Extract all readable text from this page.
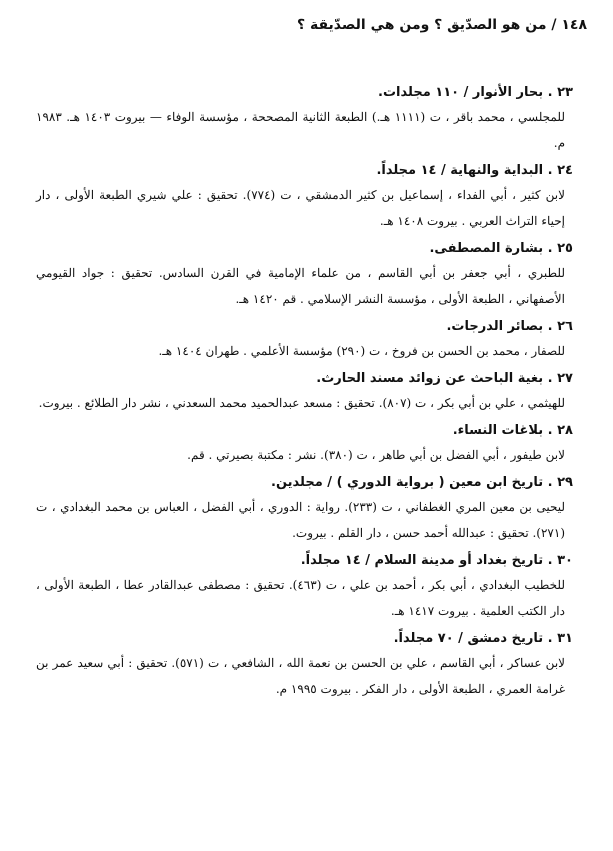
١٤٨ / من هو الصدّيق ؟ ومن هي الصدّيقة ؟
٢٣ . بحار الأنوار / ١١٠ مجلدات.
للمجلسي ، محمد باقر ، ت (١١١١ هـ.) الطبعة الثانية المصححة ، مؤسسة الوفاء — بيروت ١٤٠٣ هـ. ١٩٨٣ م.
٢٤ . البداية والنهاية / ١٤ مجلداً.
لابن كثير ، أبي الفداء ، إسماعيل بن كثير الدمشقي ، ت (٧٧٤). تحقيق : علي شيري الطبعة الأولى ، دار إحياء التراث العربي . بيروت ١٤٠٨ هـ.
٢٥ . بشارة المصطفى.
للطبري ، أبي جعفر بن أبي القاسم ، من علماء الإمامية في القرن السادس. تحقيق : جواد القيومي الأصفهاني ، الطبعة الأولى ، مؤسسة النشر الإسلامي . قم ١٤٢٠ هـ.
٢٦ . بصائر الدرجات.
للصفار ، محمد بن الحسن بن فروخ ، ت (٢٩٠) مؤسسة الأعلمي . طهران ١٤٠٤ هـ.
٢٧ . بغية الباحث عن زوائد مسند الحارث.
للهيثمي ، علي بن أبي بكر ، ت (٨٠٧). تحقيق : مسعد عبدالحميد محمد السعدني ، نشر دار الطلائع . بيروت.
٢٨ . بلاغات النساء.
لابن طيفور ، أبي الفضل بن أبي طاهر ، ت (٣٨٠). نشر : مكتبة بصيرتي . قم.
٢٩ . تاريخ ابن معين ( برواية الدوري ) / مجلدين.
ليحيى بن معين المري الغطفاني ، ت (٢٣٣). رواية : الدوري ، أبي الفضل ، العباس بن محمد البغدادي ، ت (٢٧١). تحقيق : عبدالله أحمد حسن ، دار القلم . بيروت.
٣٠ . تاريخ بغداد أو مدينة السلام / ١٤ مجلداً.
للخطيب البغدادي ، أبي بكر ، أحمد بن علي ، ت (٤٦٣). تحقيق : مصطفى عبدالقادر عطا ، الطبعة الأولى ، دار الكتب العلمية . بيروت ١٤١٧ هـ.
٣١ . تاريخ دمشق / ٧٠ مجلداً.
لابن عساكر ، أبي القاسم ، علي بن الحسن بن نعمة الله ، الشافعي ، ت (٥٧١). تحقيق : أبي سعيد عمر بن غرامة العمري ، الطبعة الأولى ، دار الفكر . بيروت ١٩٩٥ م.
